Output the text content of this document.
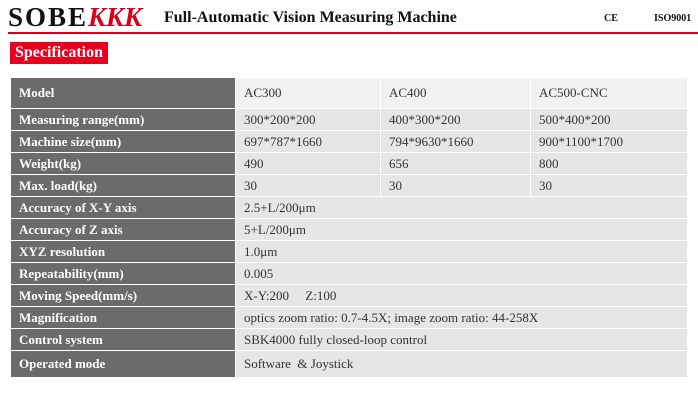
SOBEKKK Full-Automatic Vision Measuring Machine	CE	ISO9001
Specification
Model	AC300	AC400	AC500-CNC
Measuring range(mm)	300*200*200	400*300*200	500*400*200
Machine size(mm)	697*787*1660	794*9630*1660	900*1100*1700
Weight(kg)	490	656	800
Max. load(kg)	30	30	30
Accuracy of X-Y axis	2.5+L/200μm		
Accuracy of Z axis	5+L/200μm		
XYZ resolution	1.0μm		
Repeatability(mm)	0.005		
Moving Speed(mm/s)	X-Y:200     Z:100		
Magnification	optics zoom ratio: 0.7-4.5X; image zoom ratio: 44-258X		
Control system	SBK4000 fully closed-loop control		
Operated mode	Software  & Joystick		
